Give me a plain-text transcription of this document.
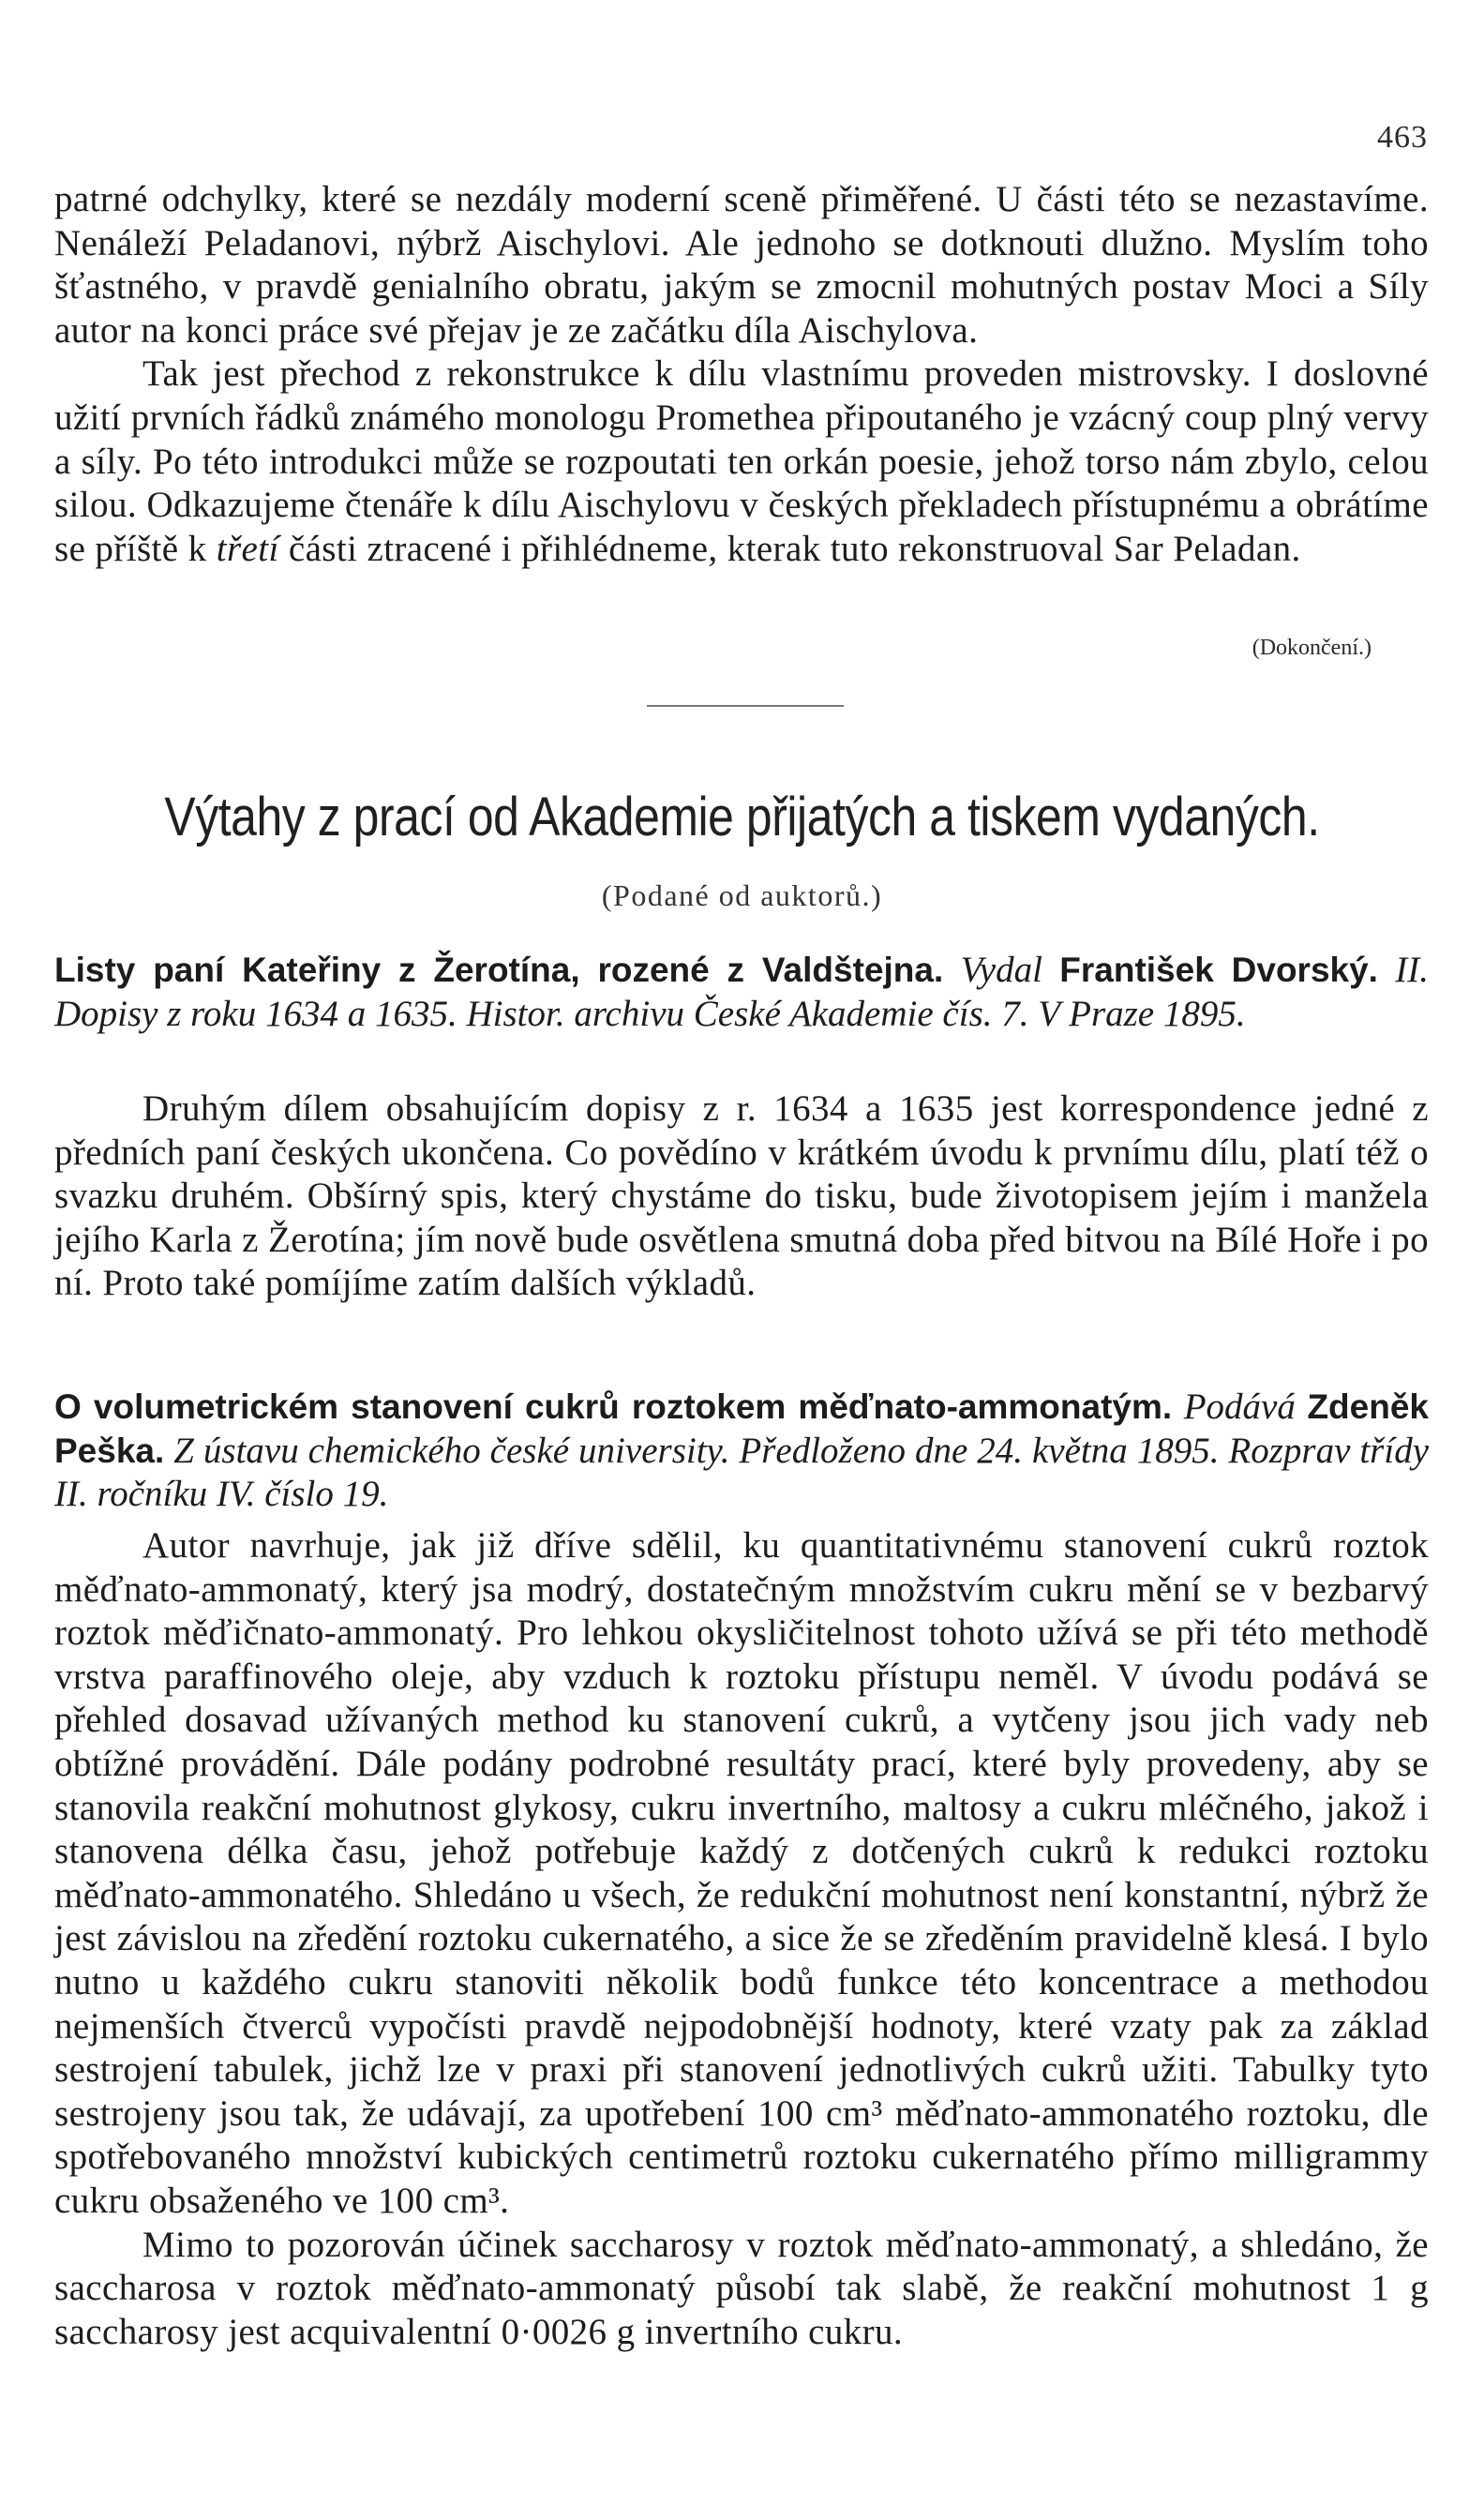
463

patrné odchylky, které se nezdály moderní sceně přiměřené. U části této se nezastavíme. Nenáleží Peladanovi, nýbrž Aischylovi. Ale jednoho se dotknouti dlužno. Myslím toho šťastného, v pravdě genialního obratu, jakým se zmocnil mohutných postav Moci a Síly autor na konci práce své přejav je ze začátku díla Aischylova.

Tak jest přechod z rekonstrukce k dílu vlastnímu proveden mistrovsky. I doslovné užití prvních řádků známého monologu Promethea připoutaného je vzácný coup plný vervy a síly. Po této introdukci může se rozpoutati ten orkán poesie, jehož torso nám zbylo, celou silou. Odkazujeme čtenáře k dílu Aischylovu v českých překladech přístupnému a obrátíme se příště k třetí části ztracené i přihlédneme, kterak tuto rekonstruoval Sar Peladan.

(Dokončení.)
Výtahy z prací od Akademie přijatých a tiskem vydaných.
(Podané od auktorů.)
Listy paní Kateřiny z Žerotína, rozené z Valdštejna. Vydal František Dvorský. II. Dopisy z roku 1634 a 1635. Histor. archivu České Akademie čís. 7. V Praze 1895.

Druhým dílem obsahujícím dopisy z r. 1634 a 1635 jest korrespondence jedné z předních paní českých ukončena. Co povědíno v krátkém úvodu k prvnímu dílu, platí též o svazku druhém. Obšírný spis, který chystáme do tisku, bude životopisem jejím i manžela jejího Karla z Žerotína; jím nově bude osvětlena smutná doba před bitvou na Bílé Hoře i po ní. Proto také pomíjíme zatím dalších výkladů.

O volumetrickém stanovení cukrů roztokem měďnato-ammonatým. Podává Zdeněk Peška. Z ústavu chemického české university. Předloženo dne 24. května 1895. Rozprav třídy II. ročníku IV. číslo 19.

Autor navrhuje, jak již dříve sdělil, ku quantitativnému stanovení cukrů roztok měďnato-ammonatý, který jsa modrý, dostatečným množstvím cukru mění se v bezbarvý roztok měďičnato-ammonatý. Pro lehkou okysličitelnost tohoto užívá se při této methodě vrstva paraffinového oleje, aby vzduch k roztoku přístupu neměl. V úvodu podává se přehled dosavad užívaných method ku stanovení cukrů, a vytčeny jsou jich vady neb obtížné provádění. Dále podány podrobné resultáty prací, které byly provedeny, aby se stanovila reakční mohutnost glykosy, cukru invertního, maltosy a cukru mléčného, jakož i stanovena délka času, jehož potřebuje každý z dotčených cukrů k redukci roztoku měďnato-ammonatého. Shledáno u všech, že redukční mohutnost není konstantní, nýbrž že jest závislou na zředění roztoku cukernatého, a sice že se zředěním pravidelně klesá. I bylo nutno u každého cukru stanoviti několik bodů funkce této koncentrace a methodou nejmenších čtverců vypočísti pravdě nejpodobnější hodnoty, které vzaty pak za základ sestrojení tabulek, jichž lze v praxi při stanovení jednotlivých cukrů užiti. Tabulky tyto sestrojeny jsou tak, že udávají, za upotřebení 100 cm³ měďnato-ammonatého roztoku, dle spotřebovaného množství kubických centimetrů roztoku cukernatého přímo milligrammy cukru obsaženého ve 100 cm³.

Mimo to pozorován účinek saccharosy v roztok měďnato-ammonatý, a shledáno, že saccharosa v roztok měďnato-ammonatý působí tak slabě, že reakční mohutnost 1 g saccharosy jest acquivalentní 0·0026 g invertního cukru.
